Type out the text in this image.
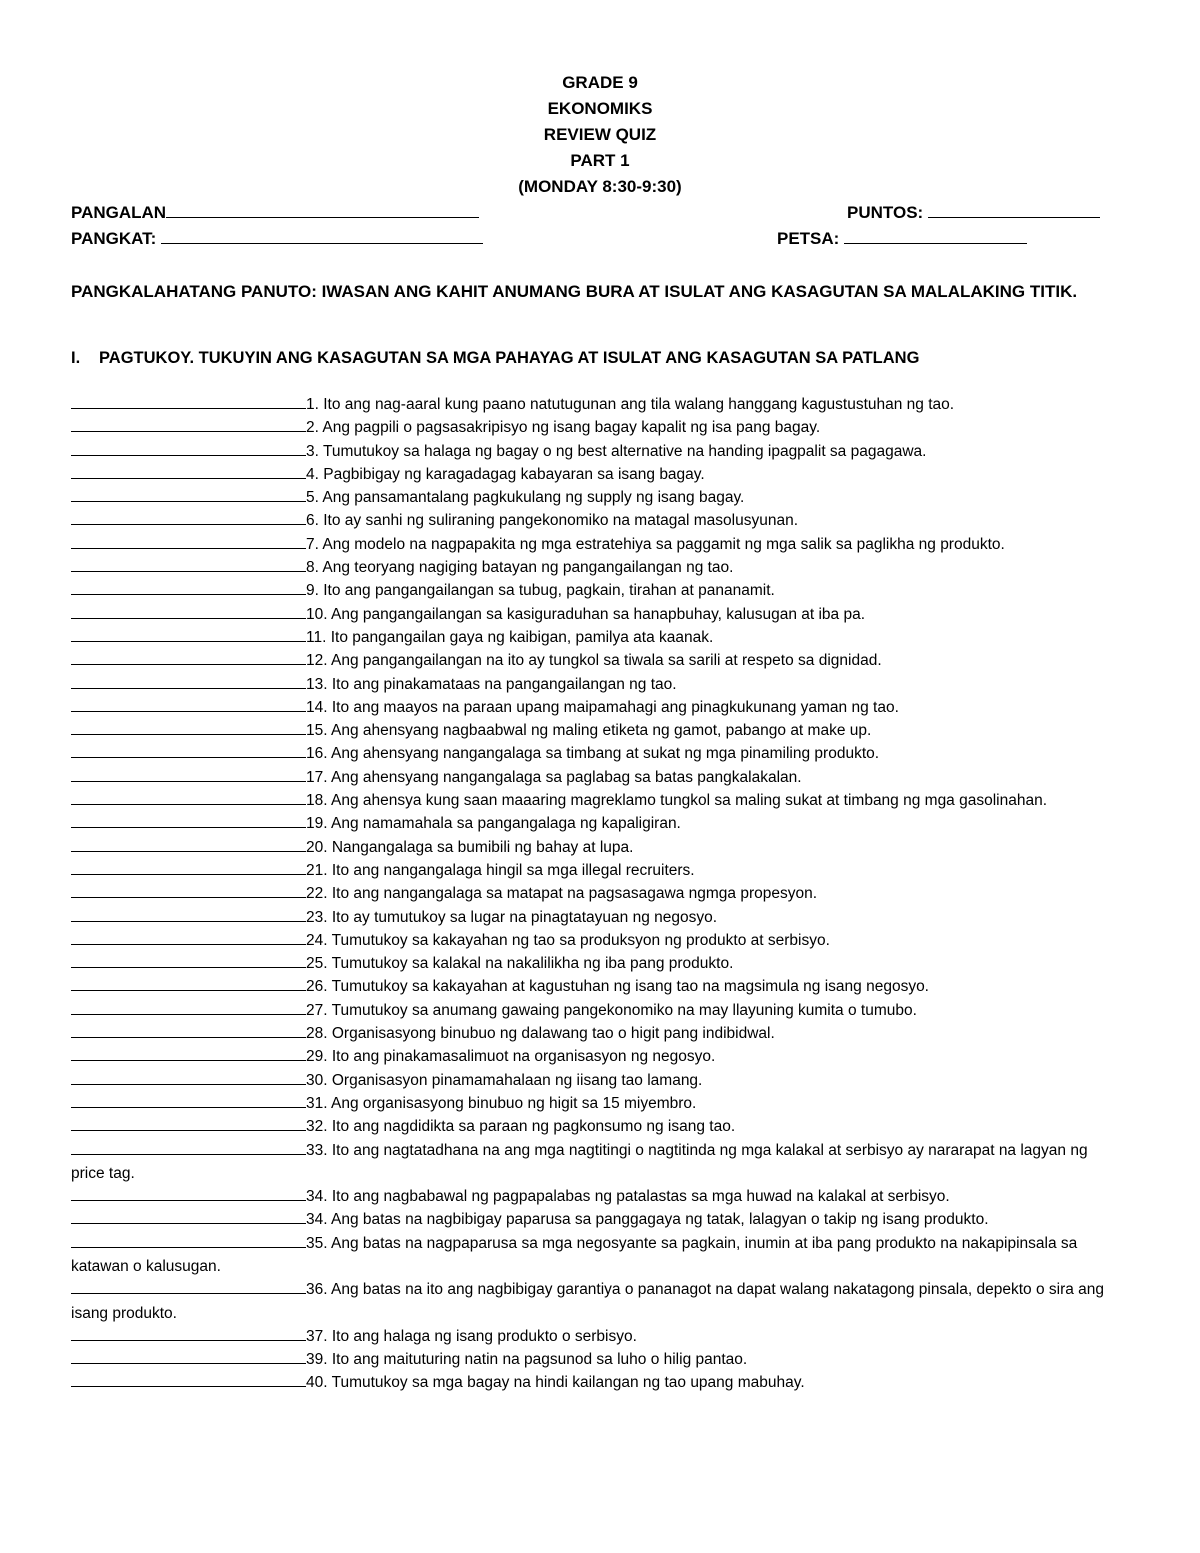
GRADE 9
EKONOMIKS
REVIEW QUIZ
PART 1
(MONDAY 8:30-9:30)
PANGALAN	PUNTOS:
PANGKAT:	PETSA:
PANGKALAHATANG PANUTO: IWASAN ANG KAHIT ANUMANG BURA AT ISULAT ANG KASAGUTAN SA MALALAKING TITIK.
I. PAGTUKOY. TUKUYIN ANG KASAGUTAN SA MGA PAHAYAG AT ISULAT ANG KASAGUTAN SA PATLANG
1. Ito ang nag-aaral kung paano natutugunan ang tila walang hanggang kagustustuhan ng tao.
2. Ang pagpili o pagsasakripisyo ng isang bagay kapalit ng isa pang bagay.
3. Tumutukoy sa halaga ng bagay o ng best alternative na handing ipagpalit sa pagagawa.
4. Pagbibigay ng karagadagag kabayaran sa isang bagay.
5. Ang pansamantalang pagkukulang ng supply ng isang bagay.
6. Ito ay sanhi ng suliraning pangekonomiko na matagal masolusyunan.
7. Ang modelo na nagpapakita ng mga estratehiya sa paggamit ng mga salik sa paglikha ng produkto.
8. Ang teoryang nagiging batayan ng pangangailangan ng tao.
9. Ito ang pangangailangan sa tubug, pagkain, tirahan at pananamit.
10. Ang pangangailangan sa kasiguraduhan sa hanapbuhay, kalusugan at iba pa.
11. Ito pangangailan gaya ng kaibigan, pamilya ata kaanak.
12. Ang pangangailangan na ito ay tungkol sa tiwala sa sarili at respeto sa dignidad.
13. Ito ang pinakamataas na pangangailangan ng tao.
14. Ito ang maayos na paraan upang maipamahagi ang pinagkukunang yaman ng tao.
15. Ang ahensyang nagbaabwal ng maling etiketa ng gamot, pabango at make up.
16. Ang ahensyang nangangalaga sa timbang at sukat ng mga pinamiling produkto.
17. Ang ahensyang nangangalaga sa paglabag sa batas pangkalakalan.
18. Ang ahensya kung saan maaaring magreklamo tungkol sa maling sukat at timbang ng mga gasolinahan.
19. Ang namamahala sa pangangalaga ng kapaligiran.
20. Nangangalaga sa bumibili ng bahay at lupa.
21. Ito ang nangangalaga hingil sa mga illegal recruiters.
22. Ito ang nangangalaga sa matapat na pagsasagawa ngmga propesyon.
23. Ito ay tumutukoy sa lugar na pinagtatayuan ng negosyo.
24. Tumutukoy sa kakayahan ng tao sa produksyon ng produkto at serbisyo.
25. Tumutukoy sa kalakal na nakalilikha ng iba pang produkto.
26. Tumutukoy sa kakayahan at kagustuhan ng isang tao na magsimula ng isang negosyo.
27. Tumutukoy sa anumang gawaing pangekonomiko na may llayuning kumita o tumubo.
28. Organisasyong binubuo ng dalawang tao o higit pang indibidwal.
29. Ito ang pinakamasalimuot na organisasyon ng negosyo.
30. Organisasyon pinamamahalaan ng iisang tao lamang.
31. Ang organisasyong binubuo ng higit sa 15 miyembro.
32. Ito ang nagdidikta sa paraan ng pagkonsumo ng isang tao.
33. Ito ang nagtatadhana na ang mga nagtitingi o nagtitinda ng mga kalakal at serbisyo ay nararapat na lagyan ng price tag.
34. Ito ang nagbabawal ng pagpapalabas ng patalastas sa mga huwad na kalakal at serbisyo.
34. Ang batas na nagbibigay paparusa sa panggagaya ng tatak, lalagyan o takip ng isang produkto.
35. Ang batas na nagpaparusa sa mga negosyante sa pagkain, inumin at iba pang produkto na nakapipinsala sa katawan o kalusugan.
36. Ang batas na ito ang nagbibigay garantiya o pananagot na dapat walang nakatagong pinsala, depekto o sira ang isang produkto.
37. Ito ang halaga ng isang produkto o serbisyo.
39. Ito ang maituturing natin na pagsunod sa luho o hilig pantao.
40. Tumutukoy sa mga bagay na hindi kailangan ng tao upang mabuhay.
